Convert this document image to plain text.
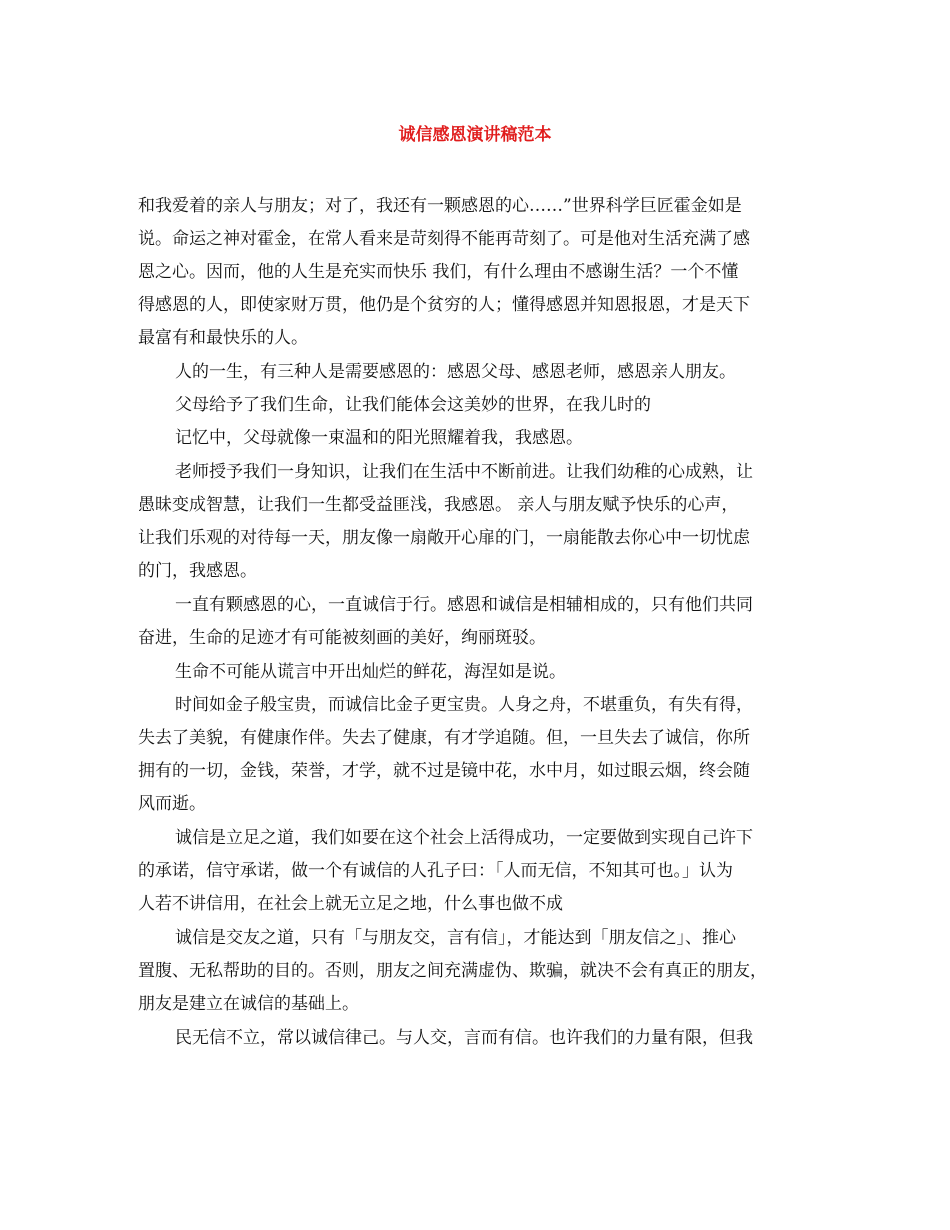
诚信感恩演讲稿范本
和我爱着的亲人与朋友；对了，我还有一颗感恩的心……”世界科学巨匠霍金如是
说。命运之神对霍金，在常人看来是苛刻得不能再苛刻了。可是他对生活充满了感
恩之心。因而，他的人生是充实而快乐 我们，有什么理由不感谢生活？一个不懂
得感恩的人，即使家财万贯，他仍是个贫穷的人；懂得感恩并知恩报恩，才是天下
最富有和最快乐的人。
人的一生，有三种人是需要感恩的：感恩父母、感恩老师，感恩亲人朋友。
父母给予了我们生命，让我们能体会这美妙的世界，在我儿时的
记忆中，父母就像一束温和的阳光照耀着我，我感恩。
老师授予我们一身知识，让我们在生活中不断前进。让我们幼稚的心成熟，让
愚昧变成智慧，让我们一生都受益匪浅，我感恩。 亲人与朋友赋予快乐的心声，
让我们乐观的对待每一天，朋友像一扇敞开心扉的门，一扇能散去你心中一切忧虑
的门，我感恩。
一直有颗感恩的心，一直诚信于行。感恩和诚信是相辅相成的，只有他们共同
奋进，生命的足迹才有可能被刻画的美好，绚丽斑驳。
生命不可能从谎言中开出灿烂的鲜花，海涅如是说。
时间如金子般宝贵，而诚信比金子更宝贵。人身之舟，不堪重负，有失有得，
失去了美貌，有健康作伴。失去了健康，有才学追随。但，一旦失去了诚信，你所
拥有的一切，金钱，荣誉，才学，就不过是镜中花，水中月，如过眼云烟，终会随
风而逝。
诚信是立足之道，我们如要在这个社会上活得成功，一定要做到实现自己许下
的承诺，信守承诺，做一个有诚信的人孔子曰：「人而无信，不知其可也。」认为
人若不讲信用，在社会上就无立足之地，什么事也做不成
诚信是交友之道，只有「与朋友交，言有信」，才能达到「朋友信之」、推心
置腹、无私帮助的目的。否则，朋友之间充满虚伪、欺骗，就决不会有真正的朋友，
朋友是建立在诚信的基础上。
民无信不立，常以诚信律己。与人交，言而有信。也许我们的力量有限，但我
